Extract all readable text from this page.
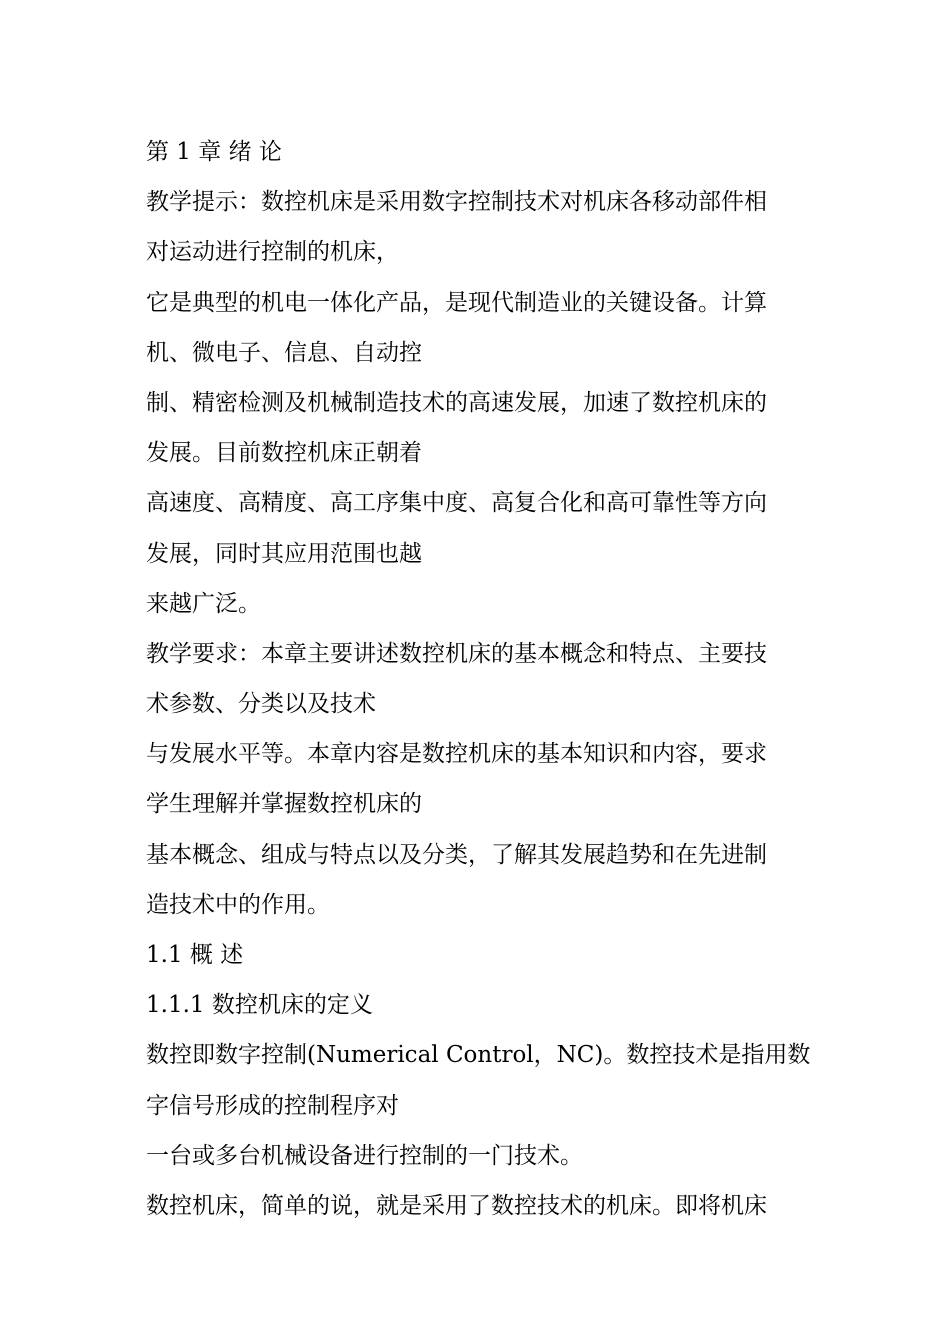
第 1 章 绪 论
教学提示：数控机床是采用数字控制技术对机床各移动部件相
对运动进行控制的机床，
它是典型的机电一体化产品，是现代制造业的关键设备。计算
机、微电子、信息、自动控
制、精密检测及机械制造技术的高速发展，加速了数控机床的
发展。目前数控机床正朝着
高速度、高精度、高工序集中度、高复合化和高可靠性等方向
发展，同时其应用范围也越
来越广泛。
教学要求：本章主要讲述数控机床的基本概念和特点、主要技
术参数、分类以及技术
与发展水平等。本章内容是数控机床的基本知识和内容，要求
学生理解并掌握数控机床的
基本概念、组成与特点以及分类，了解其发展趋势和在先进制
造技术中的作用。
1.1 概 述
1.1.1 数控机床的定义
数控即数字控制(Numerical Control，NC)。数控技术是指用数
字信号形成的控制程序对
一台或多台机械设备进行控制的一门技术。
数控机床，简单的说，就是采用了数控技术的机床。即将机床
